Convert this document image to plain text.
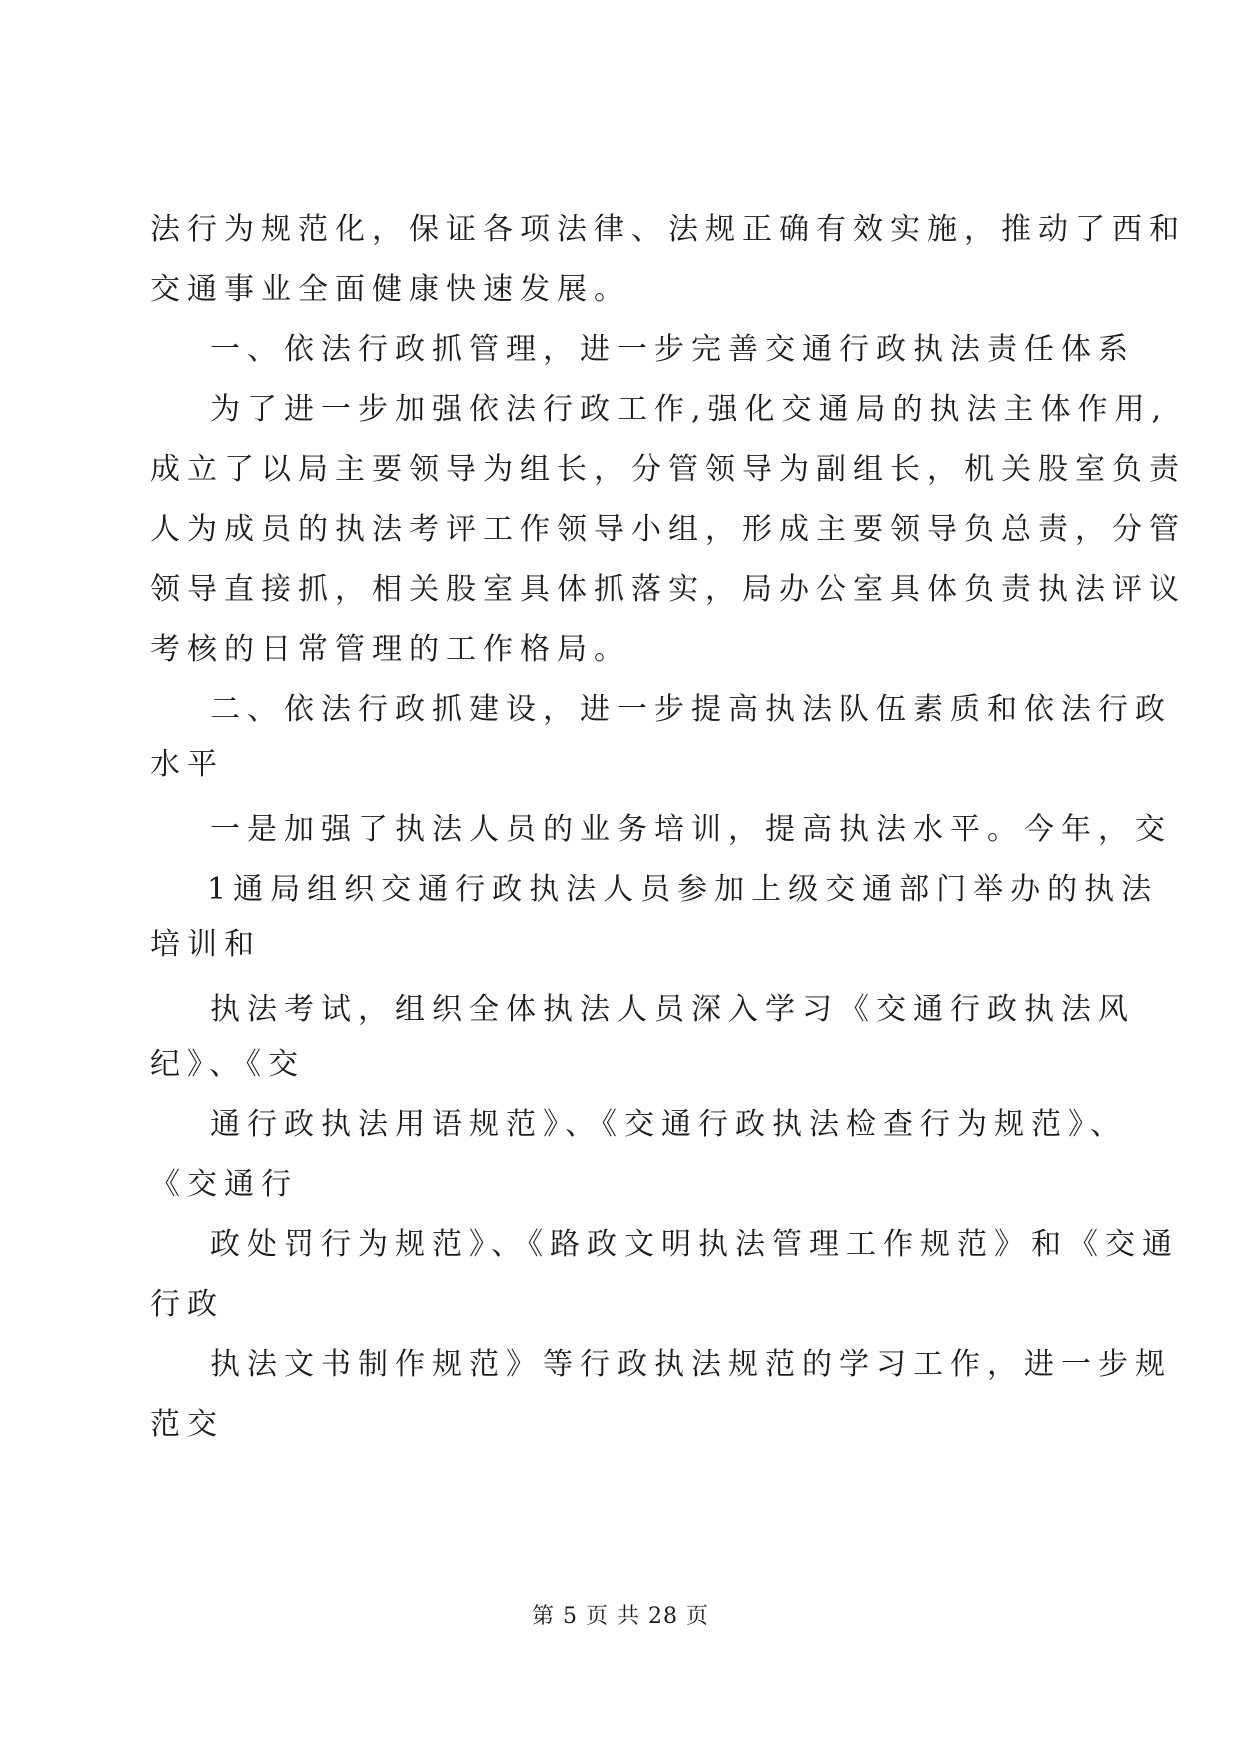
法行为规范化，保证各项法律、法规正确有效实施，推动了西和
交通事业全面健康快速发展。
一、依法行政抓管理，进一步完善交通行政执法责任体系
为了进一步加强依法行政工作,强化交通局的执法主体作用,
成立了以局主要领导为组长，分管领导为副组长，机关股室负责
人为成员的执法考评工作领导小组，形成主要领导负总责，分管
领导直接抓，相关股室具体抓落实，局办公室具体负责执法评议
考核的日常管理的工作格局。
二、依法行政抓建设，进一步提高执法队伍素质和依法行政
水平
一是加强了执法人员的业务培训，提高执法水平。今年，交
1通局组织交通行政执法人员参加上级交通部门举办的执法
培训和
执法考试，组织全体执法人员深入学习《交通行政执法风
纪》、《交
通行政执法用语规范》、《交通行政执法检查行为规范》、
《交通行
政处罚行为规范》、《路政文明执法管理工作规范》和《交通
行政
执法文书制作规范》等行政执法规范的学习工作，进一步规
范交
第 5 页 共 28 页
